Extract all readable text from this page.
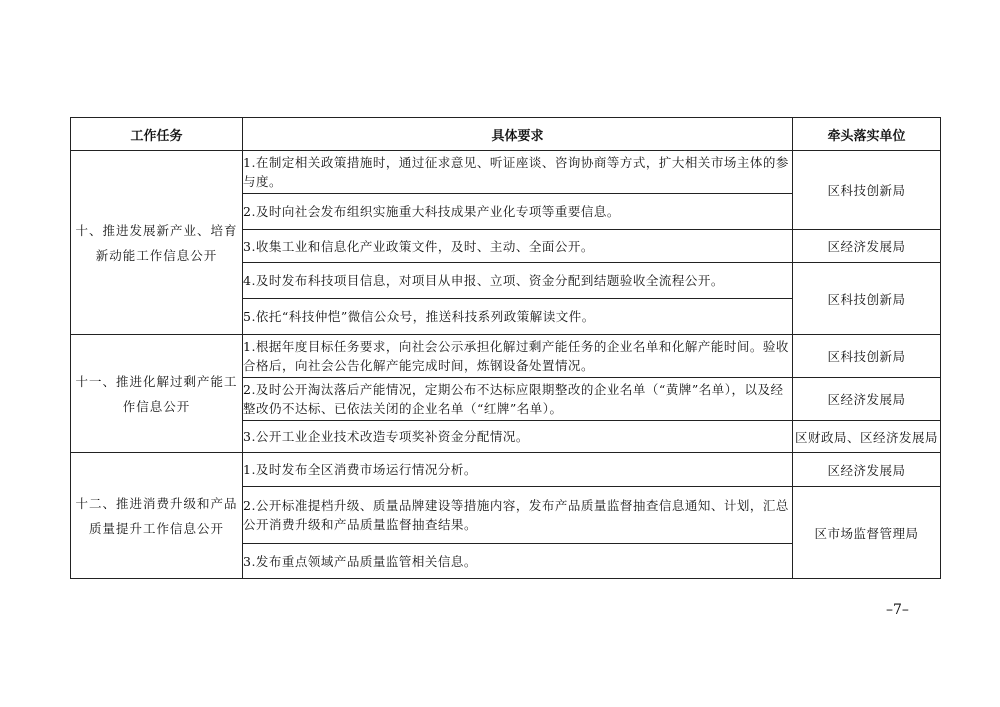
工作任务	具体要求	牵头落实单位
十、推进发展新产业、培育新动能工作信息公开	1.在制定相关政策措施时，通过征求意见、听证座谈、咨询协商等方式，扩大相关市场主体的参与度。	区科技创新局
	2.及时向社会发布组织实施重大科技成果产业化专项等重要信息。	
	3.收集工业和信息化产业政策文件，及时、主动、全面公开。	区经济发展局
	4.及时发布科技项目信息，对项目从申报、立项、资金分配到结题验收全流程公开。	区科技创新局
	5.依托“科技仲恺”微信公众号，推送科技系列政策解读文件。	
十一、推进化解过剩产能工作信息公开	1.根据年度目标任务要求，向社会公示承担化解过剩产能任务的企业名单和化解产能时间。验收合格后，向社会公告化解产能完成时间，炼钢设备处置情况。	区科技创新局
	2.及时公开淘汰落后产能情况，定期公布不达标应限期整改的企业名单（“黄牌”名单），以及经整改仍不达标、已依法关闭的企业名单（“红牌”名单）。	区经济发展局
	3.公开工业企业技术改造专项奖补资金分配情况。	区财政局、区经济发展局
十二、推进消费升级和产品质量提升工作信息公开	1.及时发布全区消费市场运行情况分析。	区经济发展局
	2.公开标准提档升级、质量品牌建设等措施内容，发布产品质量监督抽查信息通知、计划，汇总公开消费升级和产品质量监督抽查结果。	区市场监督管理局
	3.发布重点领域产品质量监管相关信息。	
–7–
